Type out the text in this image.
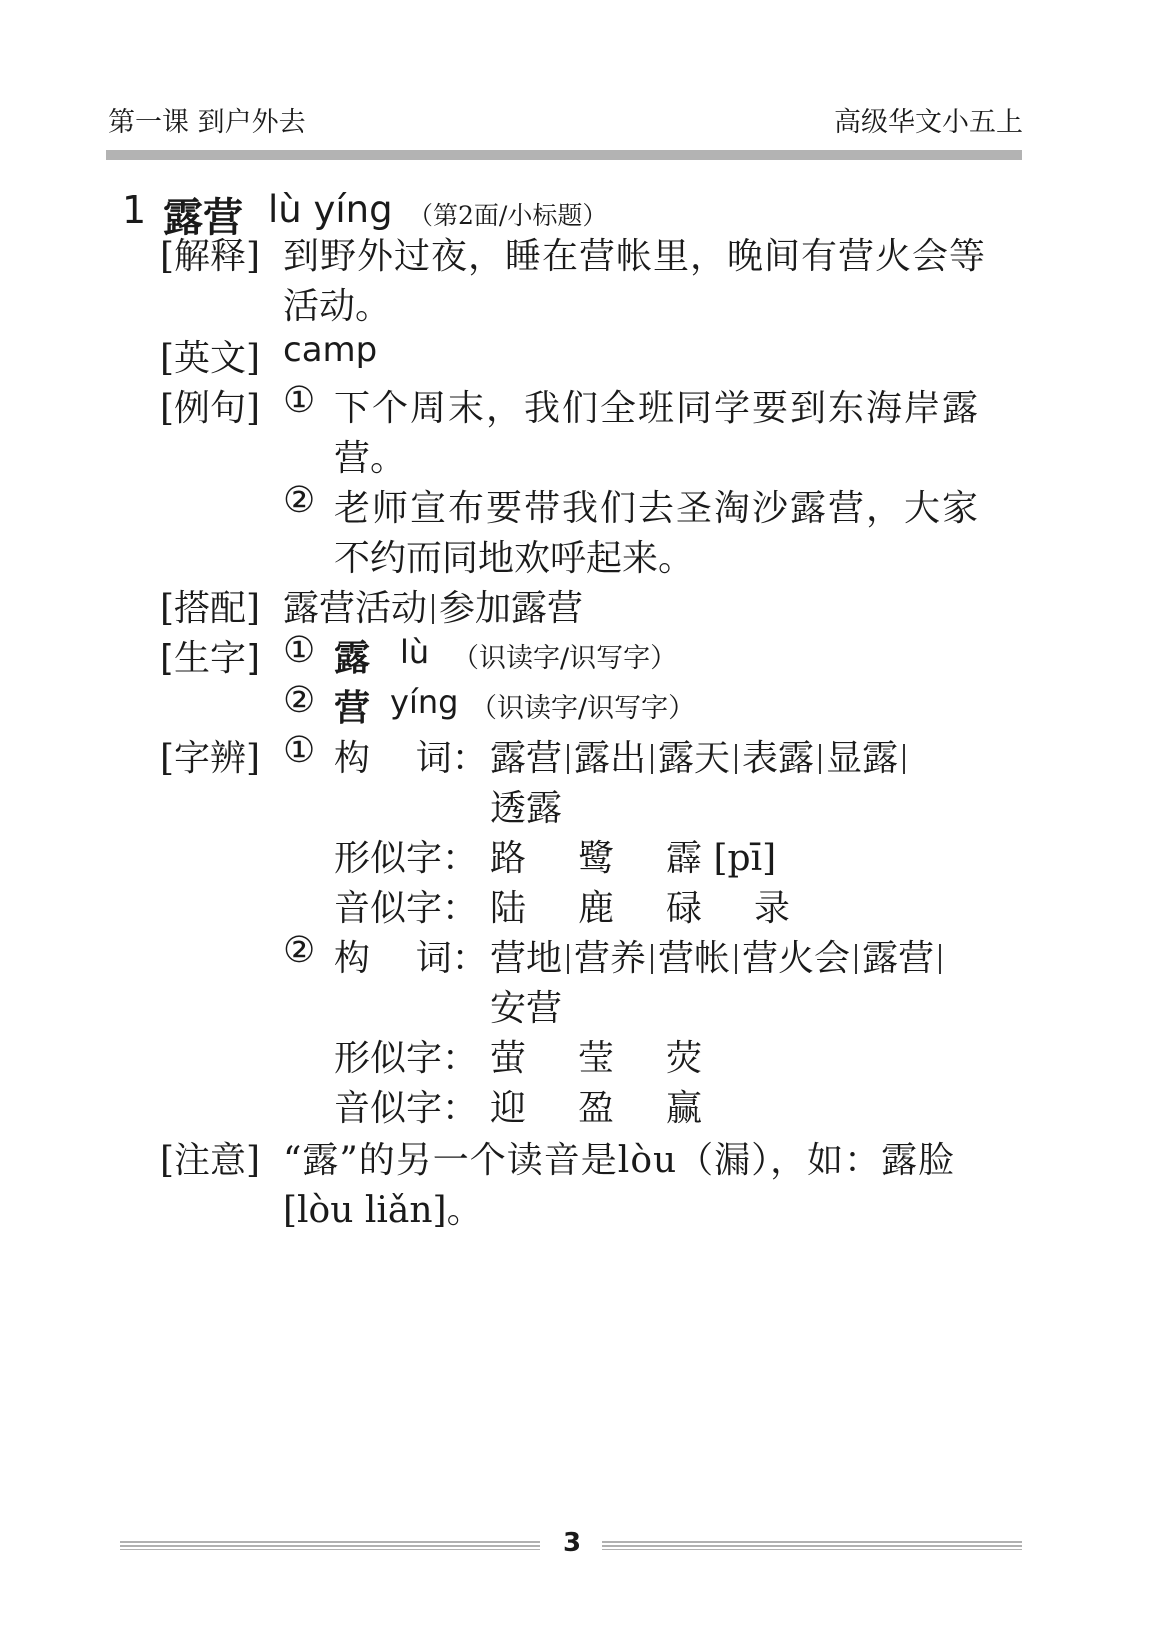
第一课 到户外去	高级华文小五上
1 露营 lù yíng （第2面/小标题）
[解释] 到野外过夜，睡在营帐里，晚间有营火会等
活动。
[英文] camp
[例句] ① 下个周末，我们全班同学要到东海岸露
营。
② 老师宣布要带我们去圣淘沙露营，大家
不约而同地欢呼起来。
[搭配] 露营活动 参加露营
[生字] ① 露 lù （识读字/识写字）
② 营 yíng （识读字/识写字）
[字辨] ① 构    词： 露营 露出 露天 表露 显露
透露
形似字： 路 鹭 霹 [pī]
音似字： 陆 鹿 碌 录
② 构    词： 营地 营养 营帐 营火会 露营
安营
形似字： 萤 莹 荧
音似字： 迎 盈 赢
[注意] “露”的另一个读音是lòu（漏），如：露脸
[lòu liǎn]。
3
